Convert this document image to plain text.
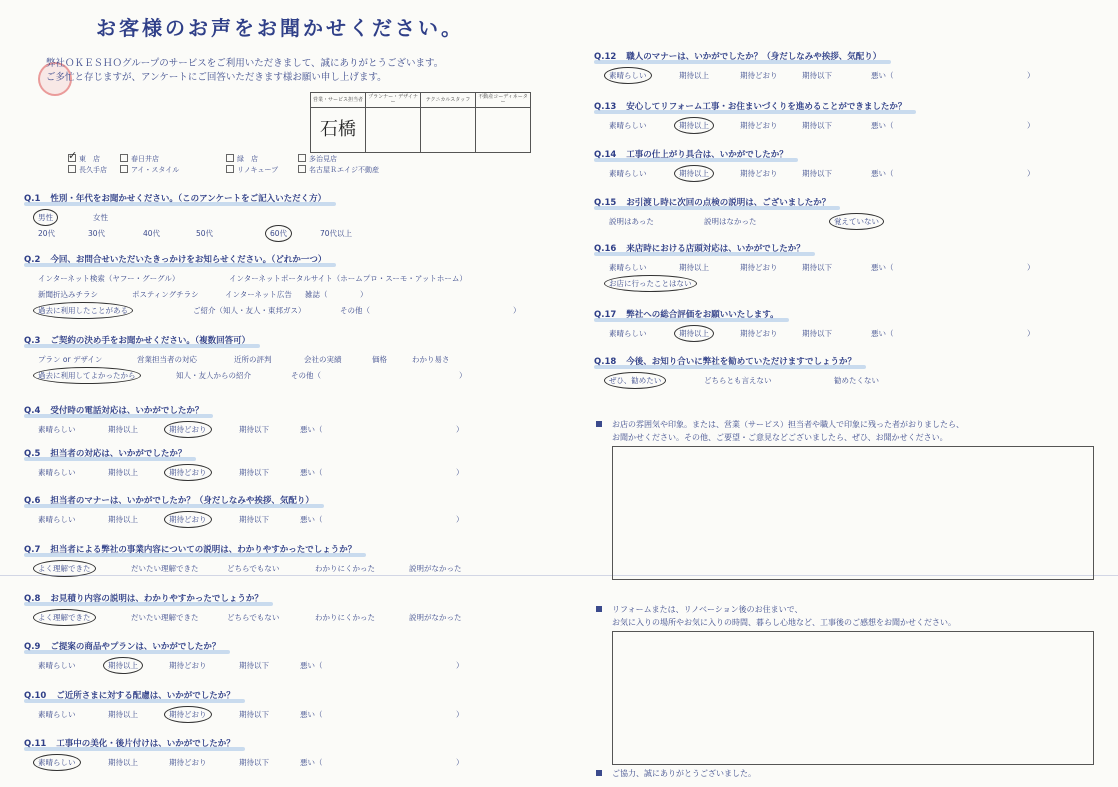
お客様のお声をお聞かせください。
弊社ＯＫＥＳＨＯグループのサービスをご利用いただきまして、誠にありがとうございます。
ご多忙と存じますが、アンケートにご回答いただきます様お願い申し上げます。
営業・サービス担当者	プランナー・デザイナー	テクニカルスタッフ	不動産コーディネーター
石橋			
✓東　店	春日井店	緑　店	多治見店
長久手店	アイ・スタイル	リノキューブ	名古屋Ｒエイジ不動産
Q.1 性別・年代をお聞かせください。（このアンケートをご記入いただく方）
男性	女性
20代	30代	40代	50代	60代	70代以上
Q.2 今回、お問合せいただいたきっかけをお知らせください。（どれか一つ）
インターネット検索（ヤフー・グーグル）	インターネットポータルサイト（ホームプロ・スーモ・アットホーム）
新聞折込みチラシ	ポスティングチラシ	インターネット広告 雑誌（	）
過去に利用したことがある	ご紹介（知人・友人・東邦ガス）	その他（	）
Q.3 ご契約の決め手をお聞かせください。（複数回答可）
プラン or デザイン	営業担当者の対応	近所の評判	会社の実績	価格	わかり易さ
過去に利用してよかったから	知人・友人からの紹介	その他（	）
Q.4 受付時の電話対応は、いかがでしたか？
素晴らしい	期待以上	期待どおり	期待以下	悪い（	）
Q.5 担当者の対応は、いかがでしたか？
素晴らしい	期待以上	期待どおり	期待以下	悪い（	）
Q.6 担当者のマナーは、いかがでしたか？（身だしなみや挨拶、気配り）
素晴らしい	期待以上	期待どおり	期待以下	悪い（	）
Q.7 担当者による弊社の事業内容についての説明は、わかりやすかったでしょうか？
よく理解できた	だいたい理解できた	どちらでもない	わかりにくかった	説明がなかった
Q.8 お見積り内容の説明は、わかりやすかったでしょうか？
よく理解できた	だいたい理解できた	どちらでもない	わかりにくかった	説明がなかった
Q.9 ご提案の商品やプランは、いかがでしたか？
素晴らしい	期待以上	期待どおり	期待以下	悪い（	）
Q.10 ご近所さまに対する配慮は、いかがでしたか？
素晴らしい	期待以上	期待どおり	期待以下	悪い（	）
Q.11 工事中の美化・後片付けは、いかがでしたか？
素晴らしい	期待以上	期待どおり	期待以下	悪い（	）
Q.12 職人のマナーは、いかがでしたか？（身だしなみや挨拶、気配り）
素晴らしい	期待以上	期待どおり	期待以下	悪い（	）
Q.13 安心してリフォーム工事・お住まいづくりを進めることができましたか？
素晴らしい	期待以上	期待どおり	期待以下	悪い（	）
Q.14 工事の仕上がり具合は、いかがでしたか？
素晴らしい	期待以上	期待どおり	期待以下	悪い（	）
Q.15 お引渡し時に次回の点検の説明は、ございましたか？
説明はあった	説明はなかった	覚えていない
Q.16 来店時における店頭対応は、いかがでしたか？
素晴らしい	期待以上	期待どおり	期待以下	悪い（	）
お店に行ったことはない
Q.17 弊社への総合評価をお願いいたします。
素晴らしい	期待以上	期待どおり	期待以下	悪い（	）
Q.18 今後、お知り合いに弊社を勧めていただけますでしょうか？
ぜひ、勧めたい	どちらとも言えない	勧めたくない
お店の雰囲気や印象。または、営業（サービス）担当者や職人で印象に残った者がおりましたら、
お聞かせください。その他、ご要望・ご意見などございましたら、ぜひ、お聞かせください。
リフォームまたは、リノベーション後のお住まいで、
お気に入りの場所やお気に入りの時間、暮らし心地など、工事後のご感想をお聞かせください。
ご協力、誠にありがとうございました。
